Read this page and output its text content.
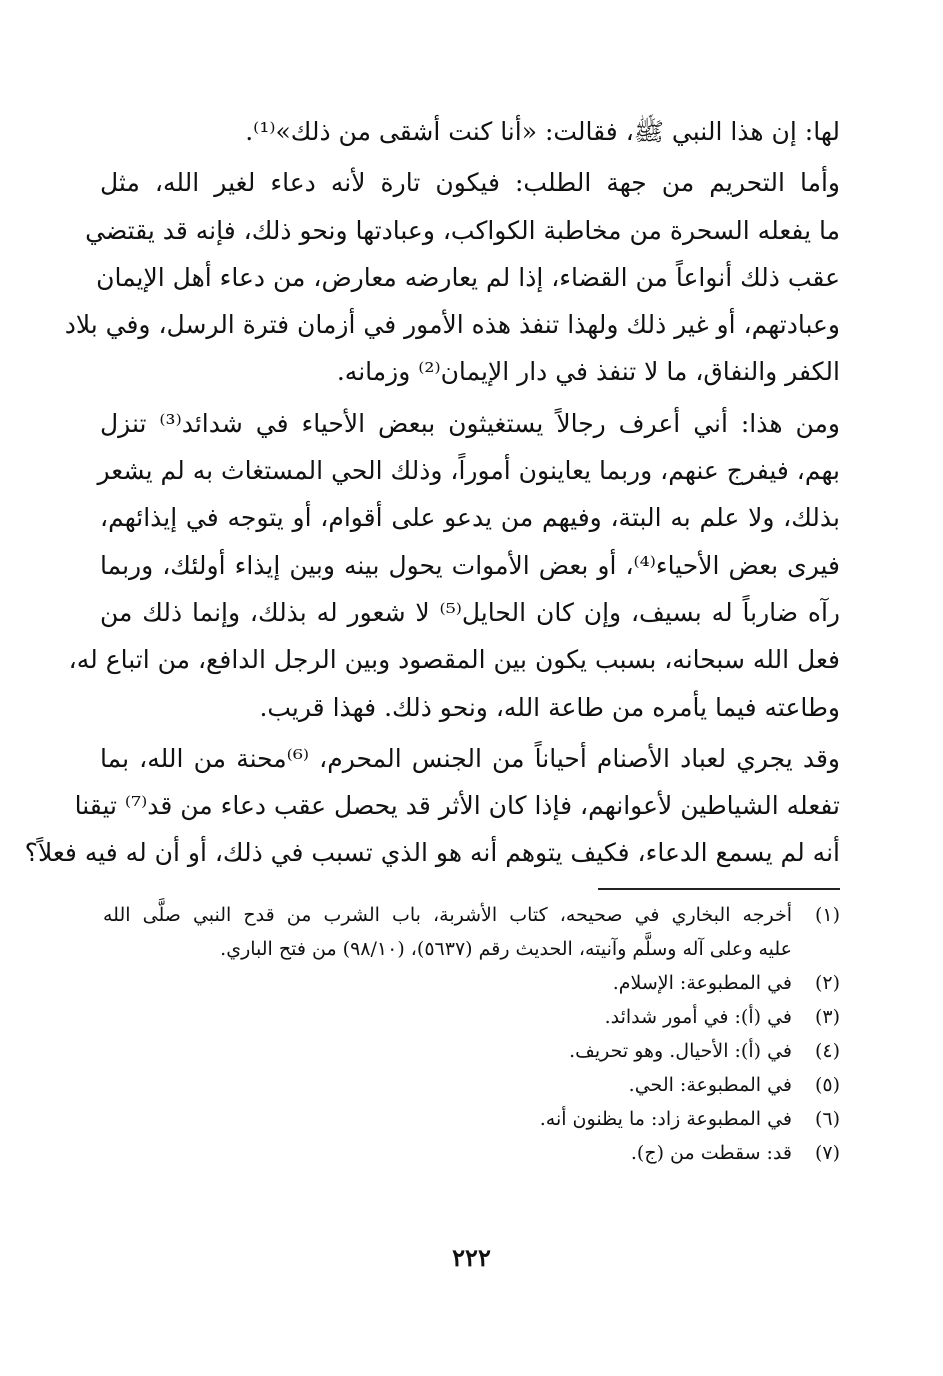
لها: إن هذا النبي ﷺ، فقالت: «أنا كنت أشقى من ذلك»⁽¹⁾.
وأما التحريم من جهة الطلب: فيكون تارة لأنه دعاء لغير الله، مثل
ما يفعله السحرة من مخاطبة الكواكب، وعبادتها ونحو ذلك، فإنه قد يقتضي
عقب ذلك أنواعاً من القضاء، إذا لم يعارضه معارض، من دعاء أهل الإيمان
وعبادتهم، أو غير ذلك ولهذا تنفذ هذه الأمور في أزمان فترة الرسل، وفي بلاد
الكفر والنفاق، ما لا تنفذ في دار الإيمان⁽²⁾ وزمانه.
ومن هذا: أني أعرف رجالاً يستغيثون ببعض الأحياء في شدائد⁽³⁾ تنزل
بهم، فيفرج عنهم، وربما يعاينون أموراً، وذلك الحي المستغاث به لم يشعر
بذلك، ولا علم به البتة، وفيهم من يدعو على أقوام، أو يتوجه في إيذائهم،
فيرى بعض الأحياء⁽⁴⁾، أو بعض الأموات يحول بينه وبين إيذاء أولئك، وربما
رآه ضارباً له بسيف، وإن كان الحايل⁽⁵⁾ لا شعور له بذلك، وإنما ذلك من
فعل الله سبحانه، بسبب يكون بين المقصود وبين الرجل الدافع، من اتباع له،
وطاعته فيما يأمره من طاعة الله، ونحو ذلك. فهذا قريب.
وقد يجري لعباد الأصنام أحياناً من الجنس المحرم، ⁽⁶⁾محنة من الله، بما
تفعله الشياطين لأعوانهم، فإذا كان الأثر قد يحصل عقب دعاء من قد⁽⁷⁾ تيقنا
أنه لم يسمع الدعاء، فكيف يتوهم أنه هو الذي تسبب في ذلك، أو أن له فيه فعلاً؟
(١)
أخرجه البخاري في صحيحه، كتاب الأشربة، باب الشرب من قدح النبي صلَّى الله
عليه وعلى آله وسلَّم وآنيته، الحديث رقم (٥٦٣٧)، (٩٨/١٠) من فتح الباري.
(٢)
في المطبوعة: الإسلام.
(٣)
في (أ): في أمور شدائد.
(٤)
في (أ): الأحيال. وهو تحريف.
(٥)
في المطبوعة: الحي.
(٦)
في المطبوعة زاد: ما يظنون أنه.
(٧)
قد: سقطت من (ج).
٢٢٢
